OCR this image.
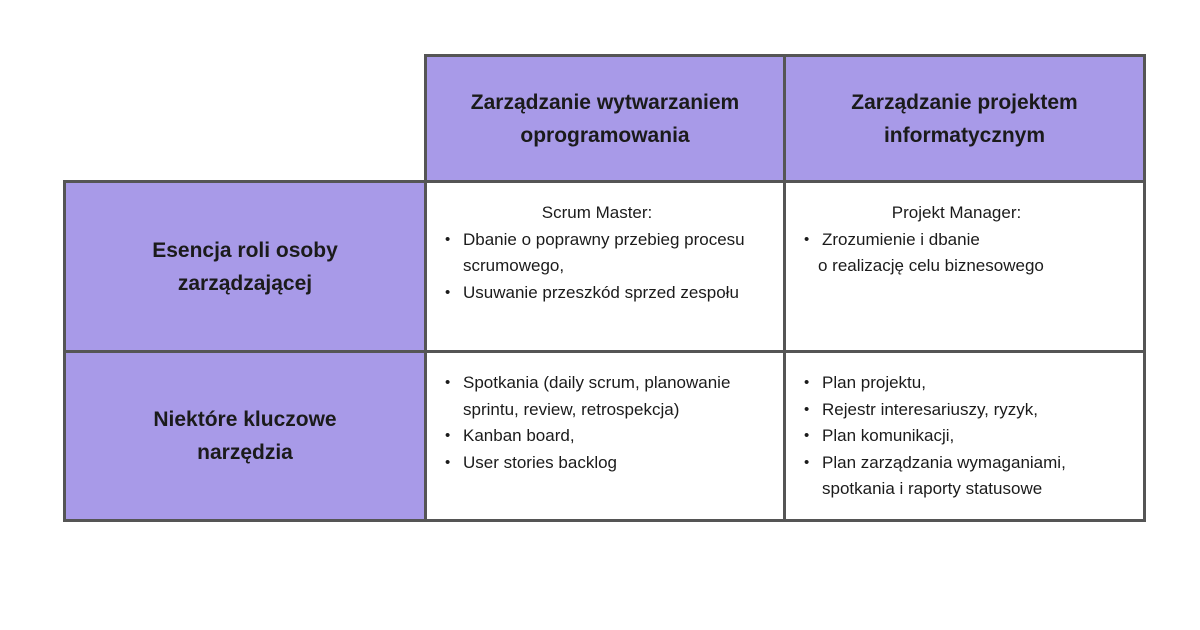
Zarządzanie wytwarzaniem oprogramowania
Zarządzanie projektem informatycznym
Esencja roli osoby zarządzającej
Niektóre kluczowe narzędzia
Scrum Master:
• Dbanie o poprawny przebieg procesu scrumowego,
• Usuwanie przeszkód sprzed zespołu
Projekt Manager:
• Zrozumienie i dbanie
o realizację celu biznesowego
• Spotkania (daily scrum, planowanie sprintu, review, retrospekcja)
• Kanban board,
• User stories backlog
• Plan projektu,
• Rejestr interesariuszy, ryzyk,
• Plan komunikacji,
• Plan zarządzania wymaganiami, spotkania i raporty statusowe
